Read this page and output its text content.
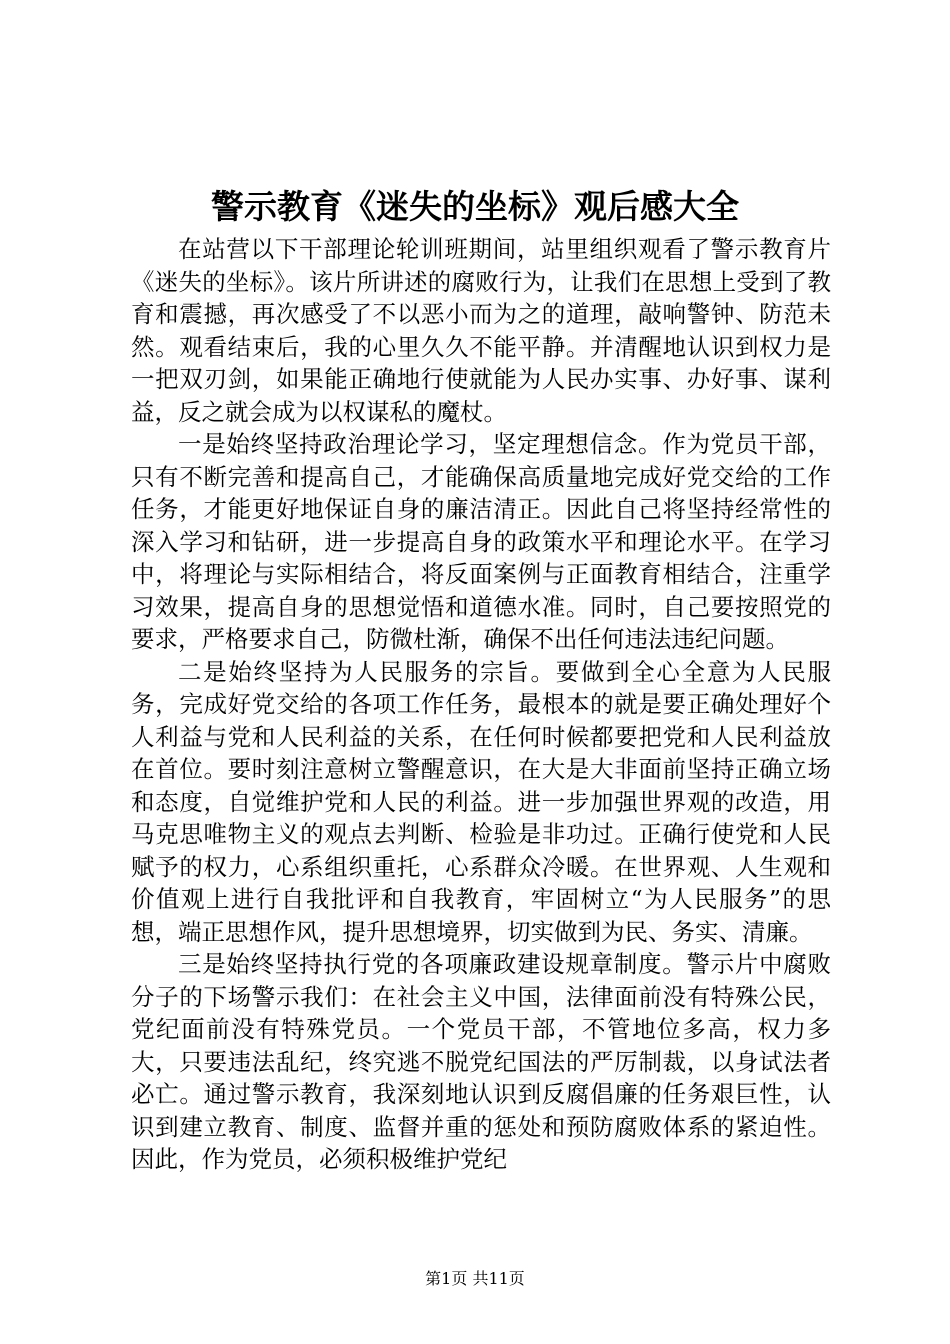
警示教育《迷失的坐标》观后感大全

在站营以下干部理论轮训班期间，站里组织观看了警示教育片《迷失的坐标》。该片所讲述的腐败行为，让我们在思想上受到了教育和震撼，再次感受了不以恶小而为之的道理，敲响警钟、防范未然。观看结束后，我的心里久久不能平静。并清醒地认识到权力是一把双刃剑，如果能正确地行使就能为人民办实事、办好事、谋利益，反之就会成为以权谋私的魔杖。

一是始终坚持政治理论学习，坚定理想信念。作为党员干部，只有不断完善和提高自己，才能确保高质量地完成好党交给的工作任务，才能更好地保证自身的廉洁清正。因此自己将坚持经常性的深入学习和钻研，进一步提高自身的政策水平和理论水平。在学习中，将理论与实际相结合，将反面案例与正面教育相结合，注重学习效果，提高自身的思想觉悟和道德水准。同时，自己要按照党的要求，严格要求自己，防微杜渐，确保不出任何违法违纪问题。

二是始终坚持为人民服务的宗旨。要做到全心全意为人民服务，完成好党交给的各项工作任务，最根本的就是要正确处理好个人利益与党和人民利益的关系，在任何时候都要把党和人民利益放在首位。要时刻注意树立警醒意识，在大是大非面前坚持正确立场和态度，自觉维护党和人民的利益。进一步加强世界观的改造，用马克思唯物主义的观点去判断、检验是非功过。正确行使党和人民赋予的权力，心系组织重托，心系群众冷暖。在世界观、人生观和价值观上进行自我批评和自我教育，牢固树立“为人民服务”的思想，端正思想作风，提升思想境界，切实做到为民、务实、清廉。

三是始终坚持执行党的各项廉政建设规章制度。警示片中腐败分子的下场警示我们：在社会主义中国，法律面前没有特殊公民，党纪面前没有特殊党员。一个党员干部，不管地位多高，权力多大，只要违法乱纪，终究逃不脱党纪国法的严厉制裁，以身试法者必亡。通过警示教育，我深刻地认识到反腐倡廉的任务艰巨性，认识到建立教育、制度、监督并重的惩处和预防腐败体系的紧迫性。因此，作为党员，必须积极维护党纪

第1页 共11页
